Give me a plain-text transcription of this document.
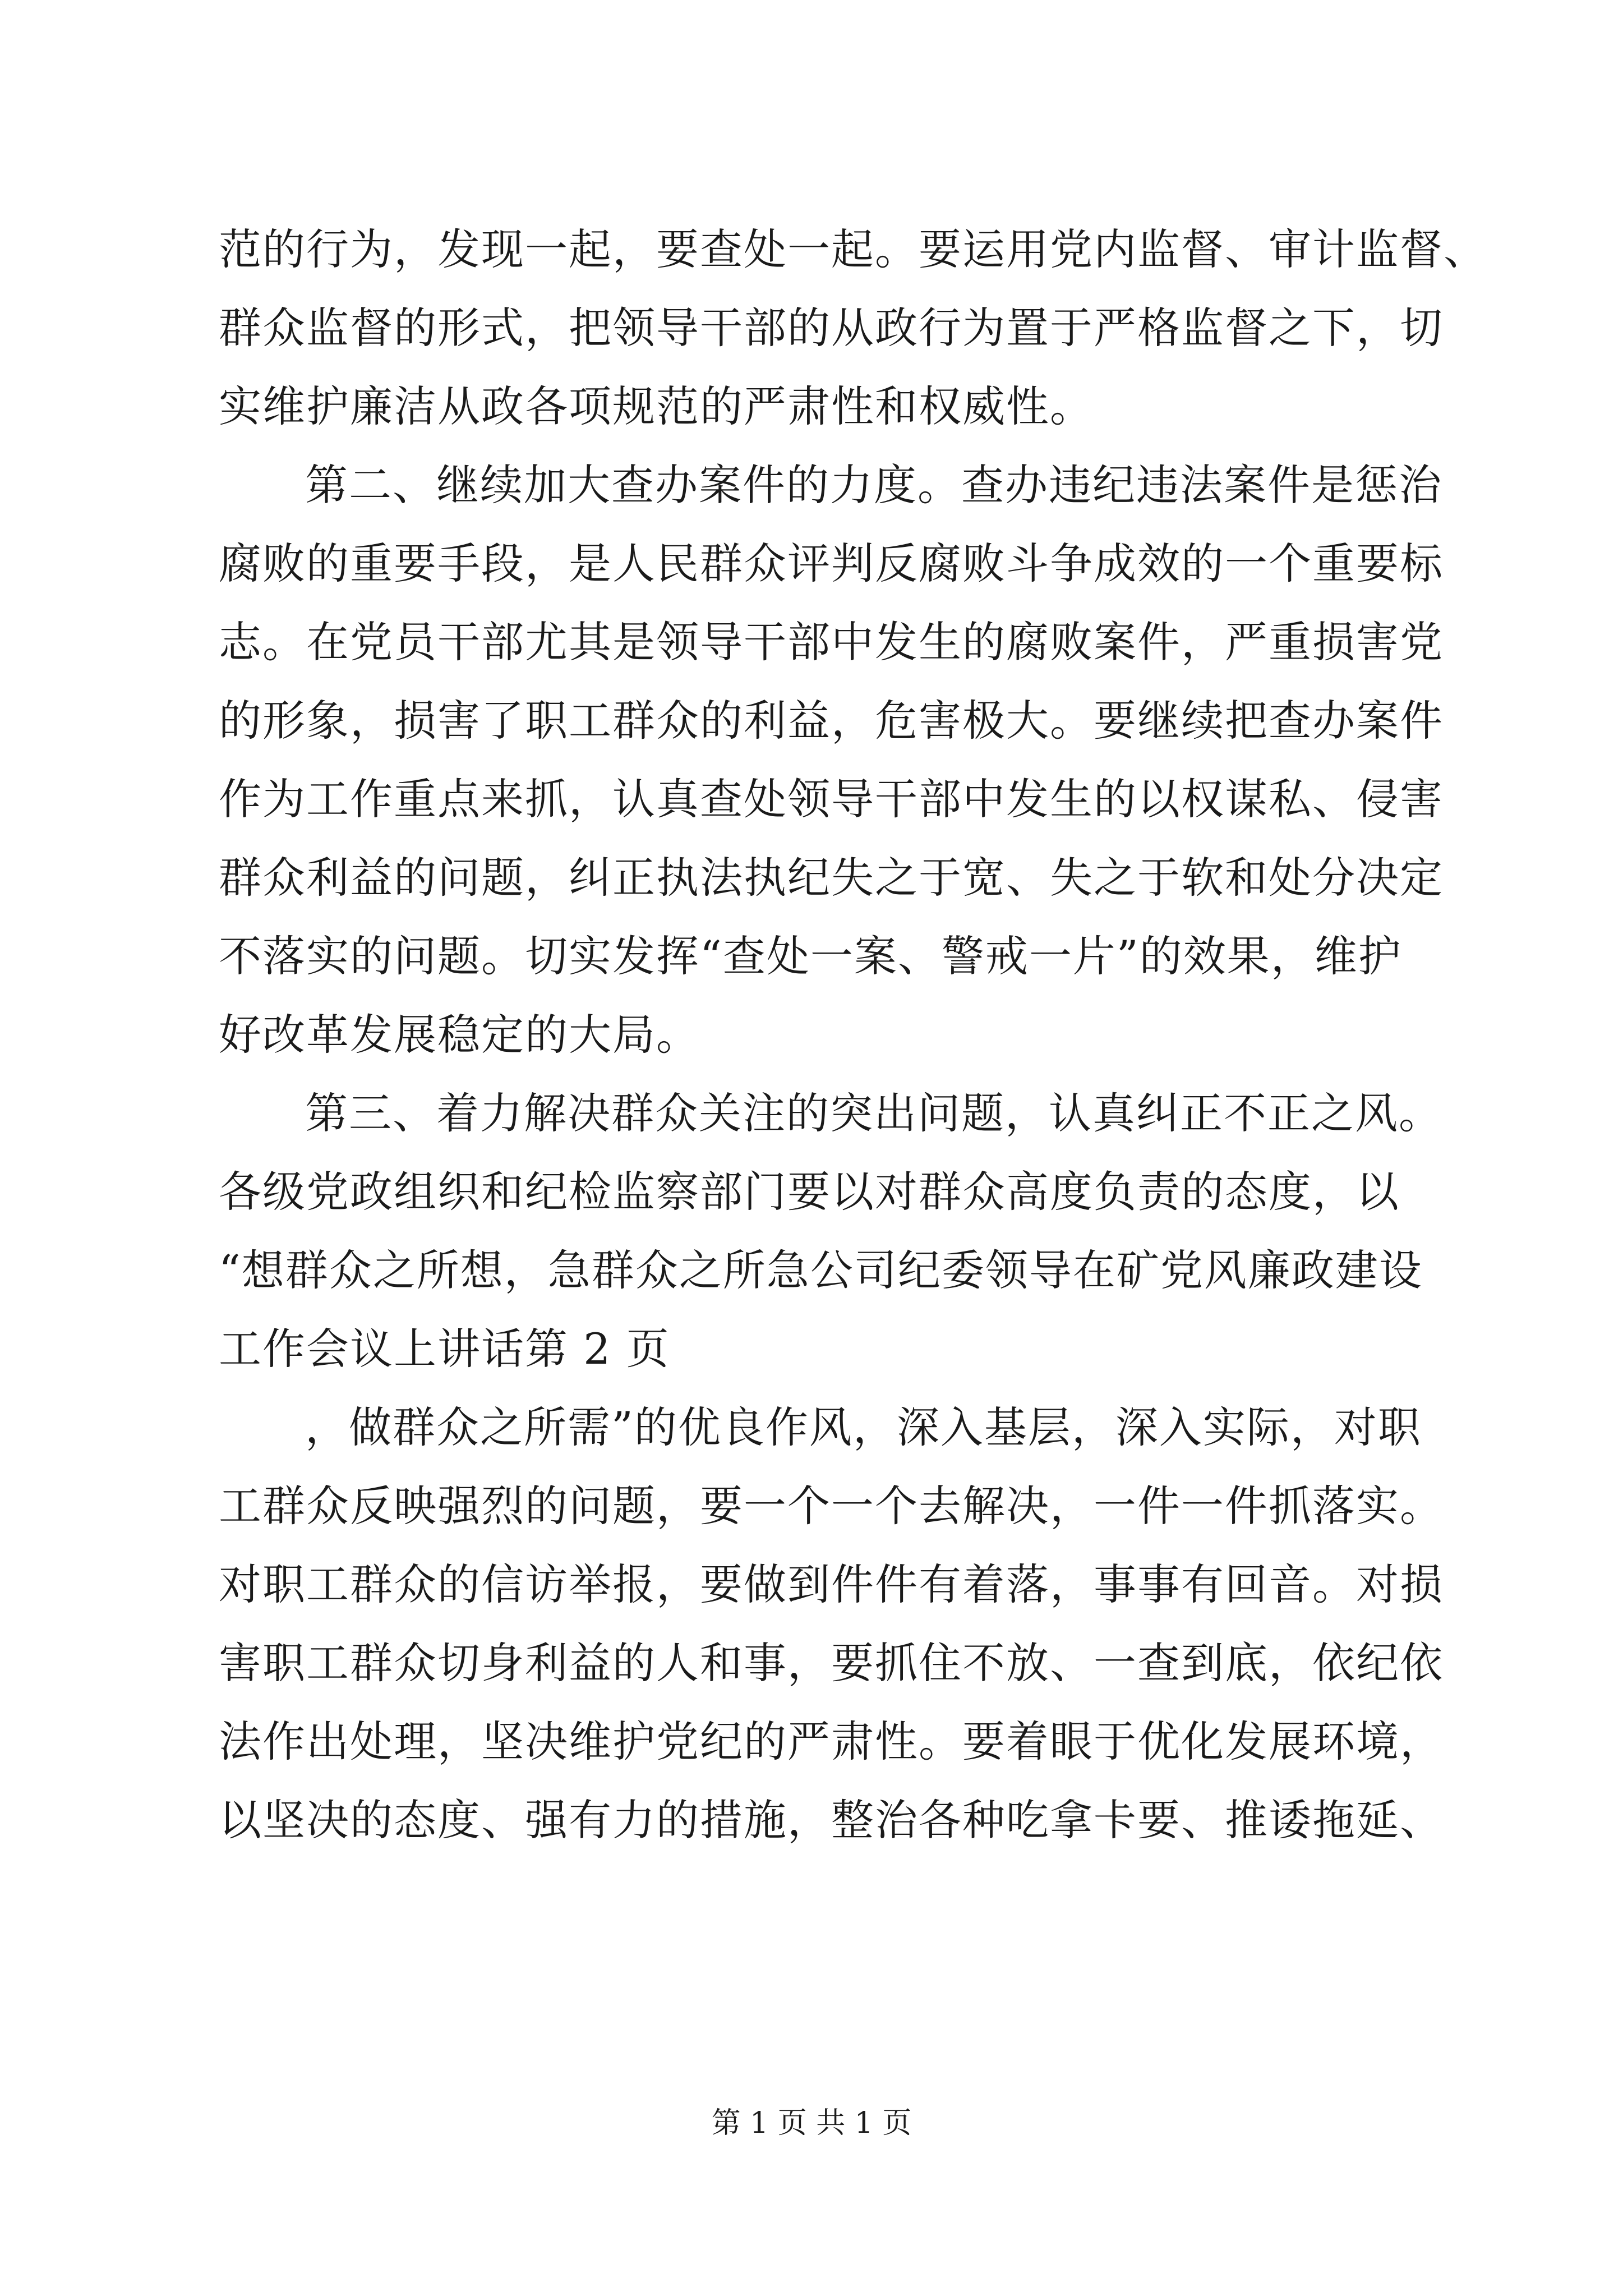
范的行为，发现一起，要查处一起。要运用党内监督、审计监督、
群众监督的形式，把领导干部的从政行为置于严格监督之下，切
实维护廉洁从政各项规范的严肃性和权威性。
第二、继续加大查办案件的力度。查办违纪违法案件是惩治
腐败的重要手段，是人民群众评判反腐败斗争成效的一个重要标
志。在党员干部尤其是领导干部中发生的腐败案件，严重损害党
的形象，损害了职工群众的利益，危害极大。要继续把查办案件
作为工作重点来抓，认真查处领导干部中发生的以权谋私、侵害
群众利益的问题，纠正执法执纪失之于宽、失之于软和处分决定
不落实的问题。切实发挥“查处一案、警戒一片”的效果，维护
好改革发展稳定的大局。
第三、着力解决群众关注的突出问题，认真纠正不正之风。
各级党政组织和纪检监察部门要以对群众高度负责的态度，以
“想群众之所想，急群众之所急公司纪委领导在矿党风廉政建设
工作会议上讲话第 2 页
，做群众之所需”的优良作风，深入基层，深入实际，对职
工群众反映强烈的问题，要一个一个去解决，一件一件抓落实。
对职工群众的信访举报，要做到件件有着落，事事有回音。对损
害职工群众切身利益的人和事，要抓住不放、一查到底，依纪依
法作出处理，坚决维护党纪的严肃性。要着眼于优化发展环境，
以坚决的态度、强有力的措施，整治各种吃拿卡要、推诿拖延、
第 1 页 共 1 页
